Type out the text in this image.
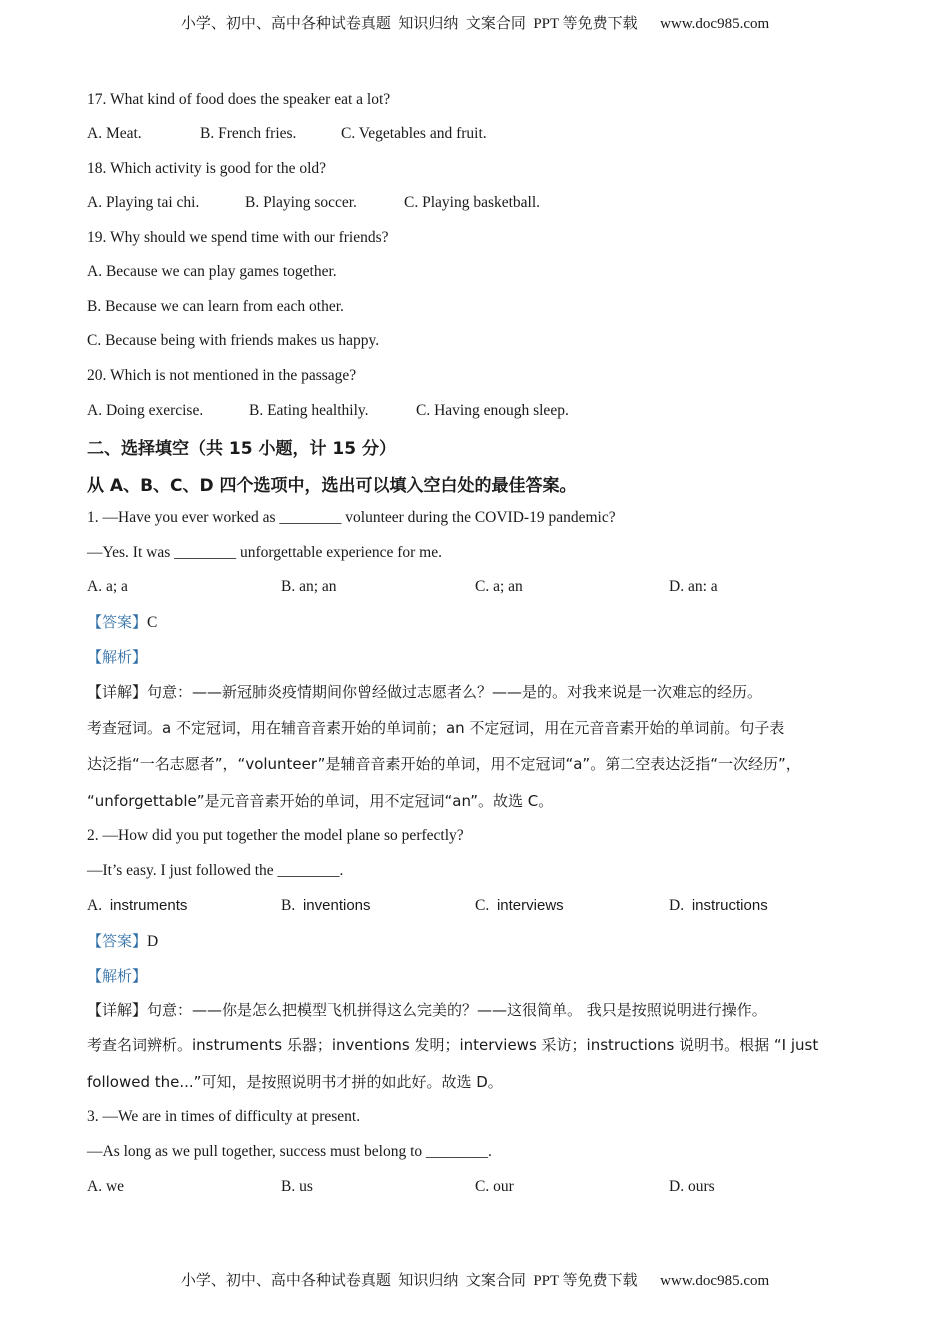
小学、初中、高中各种试卷真题  知识归纳  文案合同  PPT 等免费下载 www.doc985.com
17. What kind of food does the speaker eat a lot?
A. Meat.	B. French fries.	C. Vegetables and fruit.
18. Which activity is good for the old?
A. Playing tai chi.	B. Playing soccer.	C. Playing basketball.
19. Why should we spend time with our friends?
A. Because we can play games together.
B. Because we can learn from each other.
C. Because being with friends makes us happy.
20. Which is not mentioned in the passage?
A. Doing exercise.	B. Eating healthily.	C. Having enough sleep.
二、选择填空（共 15 小题，计 15 分）
从 A、B、C、D 四个选项中，选出可以填入空白处的最佳答案。
1. —Have you ever worked as ________ volunteer during the COVID-19 pandemic?
—Yes. It was ________ unforgettable experience for me.
A. a; a	B. an; an	C. a; an	D. an: a
【答案】C
【解析】
【详解】句意：——新冠肺炎疫情期间你曾经做过志愿者么？——是的。对我来说是一次难忘的经历。
考查冠词。a 不定冠词，用在辅音音素开始的单词前；an 不定冠词，用在元音音素开始的单词前。句子表
达泛指“一名志愿者”，“volunteer”是辅音音素开始的单词，用不定冠词“a”。第二空表达泛指“一次经历”，
“unforgettable”是元音音素开始的单词，用不定冠词“an”。故选 C。
2. —How did you put together the model plane so perfectly?
—It’s easy. I just followed the ________.
A. instruments	B. inventions	C. interviews	D. instructions
【答案】D
【解析】
【详解】句意：——你是怎么把模型飞机拼得这么完美的？——这很简单。 我只是按照说明进行操作。
考查名词辨析。instruments 乐器；inventions 发明；interviews 采访；instructions 说明书。根据 “I just
followed the...”可知，是按照说明书才拼的如此好。故选 D。
3. —We are in times of difficulty at present.
—As long as we pull together, success must belong to ________.
A. we	B. us	C. our	D. ours
小学、初中、高中各种试卷真题  知识归纳  文案合同  PPT 等免费下载 www.doc985.com
